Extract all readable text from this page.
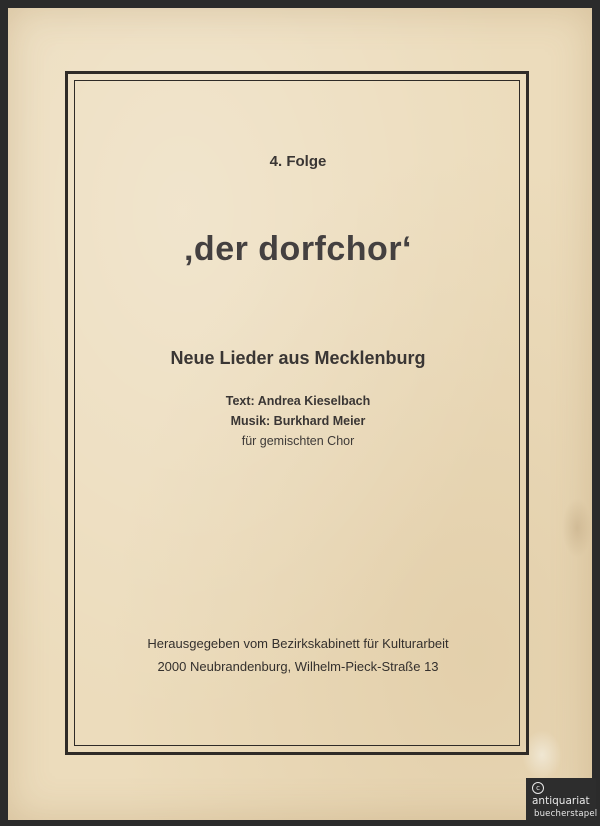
4. Folge
‚der dorfchor‘
Neue Lieder aus Mecklenburg
Text: Andrea Kieselbach
Musik: Burkhard Meier
für gemischten Chor
Herausgegeben vom Bezirkskabinett für Kulturarbeit
2000 Neubrandenburg, Wilhelm-Pieck-Straße 13
cantiquariat
buecherstapel
